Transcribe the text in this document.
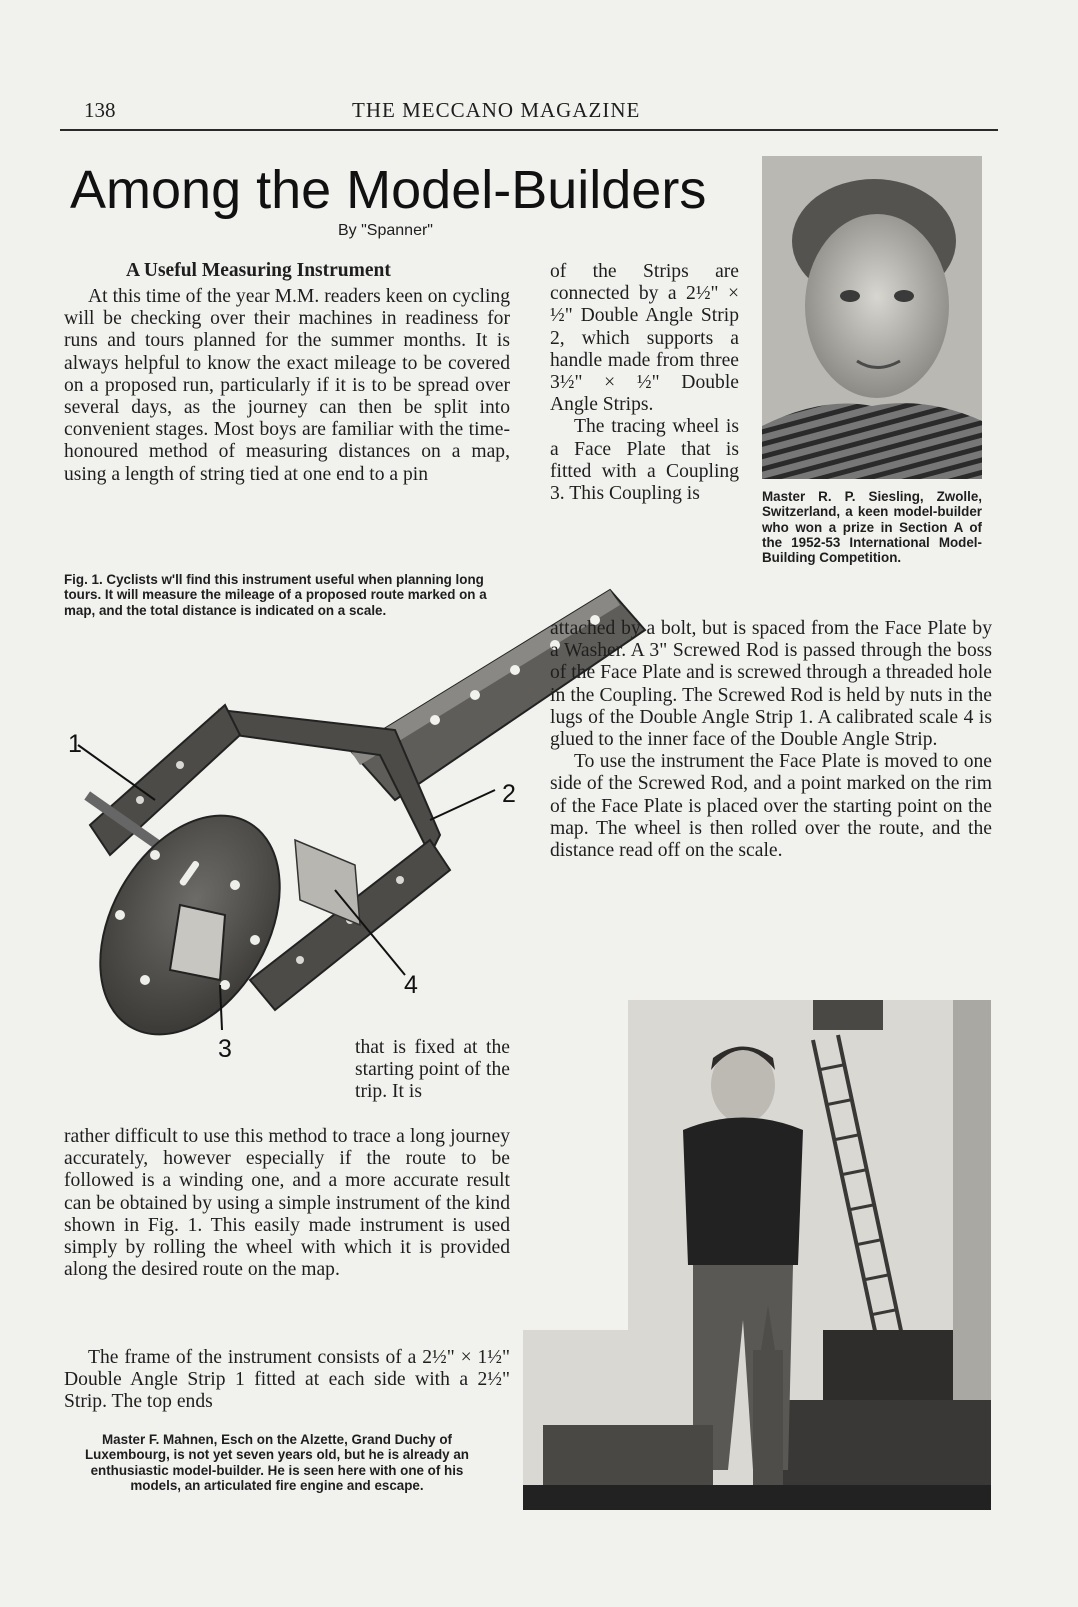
138	THE MECCANO MAGAZINE
Among the Model-Builders
By "Spanner"
Master R. P. Siesling, Zwolle, Switzerland, a keen model-builder who won a prize in Section A of the 1952-53 International Model-Building Competition.
A Useful Measuring Instrument

At this time of the year M.M. readers keen on cycling will be checking over their machines in readiness for runs and tours planned for the summer months. It is always helpful to know the exact mileage to be covered on a proposed run, particularly if it is to be spread over several days, as the journey can then be split into convenient stages. Most boys are familiar with the time-honoured method of measuring distances on a map, using a length of string tied at one end to a pin

Fig. 1. Cyclists w'll find this instrument useful when planning long tours. It will measure the mileage of a proposed route marked on a map, and the total distance is indicated on a scale.
1
2
3
4

that is fixed at the starting point of the trip. It is

rather difficult to use this method to trace a long journey accurately, however especially if the route to be followed is a winding one, and a more accurate result can be obtained by using a simple instrument of the kind shown in Fig. 1. This easily made instrument is used simply by rolling the wheel with which it is provided along the desired route on the map.

The frame of the instrument consists of a 2½" × 1½" Double Angle Strip 1 fitted at each side with a 2½" Strip. The top ends

Master F. Mahnen, Esch on the Alzette, Grand Duchy of Luxembourg, is not yet seven years old, but he is already an enthusiastic model-builder. He is seen here with one of his models, an articulated fire engine and escape.

of the Strips are connected by a 2½" × ½" Double Angle Strip 2, which supports a handle made from three 3½" × ½" Double Angle Strips.

The tracing wheel is a Face Plate that is fitted with a Coupling 3. This Coupling is

attached by a bolt, but is spaced from the Face Plate by a Washer. A 3" Screwed Rod is passed through the boss of the Face Plate and is screwed through a threaded hole in the Coupling. The Screwed Rod is held by nuts in the lugs of the Double Angle Strip 1. A calibrated scale 4 is glued to the inner face of the Double Angle Strip.

To use the instrument the Face Plate is moved to one side of the Screwed Rod, and a point marked on the rim of the Face Plate is placed over the starting point on the map. The wheel is then rolled over the route, and the distance read off on the scale.
